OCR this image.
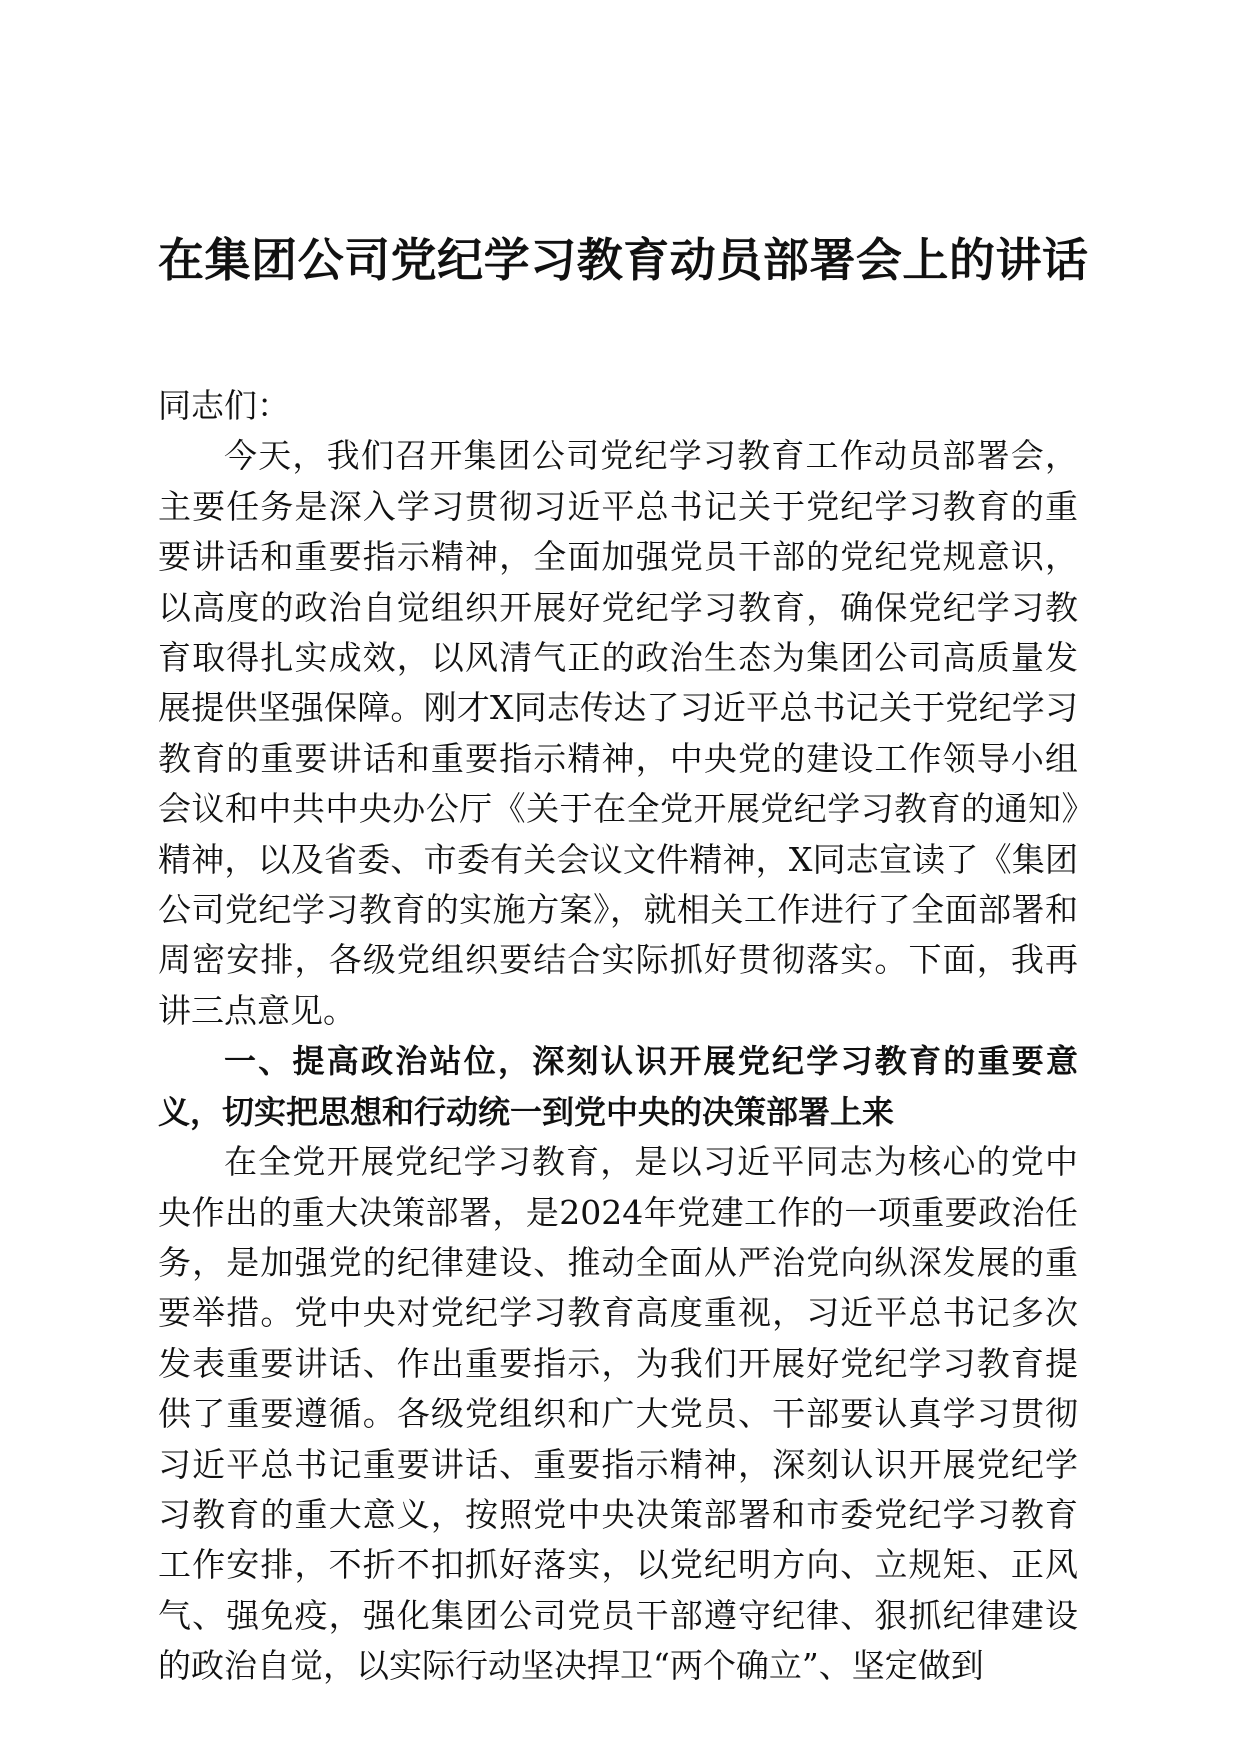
在集团公司党纪学习教育动员部署会上的讲话

同志们：

今天，我们召开集团公司党纪学习教育工作动员部署会，主要任务是深入学习贯彻习近平总书记关于党纪学习教育的重要讲话和重要指示精神，全面加强党员干部的党纪党规意识，以高度的政治自觉组织开展好党纪学习教育，确保党纪学习教育取得扎实成效，以风清气正的政治生态为集团公司高质量发展提供坚强保障。刚才X同志传达了习近平总书记关于党纪学习教育的重要讲话和重要指示精神，中央党的建设工作领导小组会议和中共中央办公厅《关于在全党开展党纪学习教育的通知》精神，以及省委、市委有关会议文件精神，X同志宣读了《集团公司党纪学习教育的实施方案》，就相关工作进行了全面部署和周密安排，各级党组织要结合实际抓好贯彻落实。下面，我再讲三点意见。

一、提高政治站位，深刻认识开展党纪学习教育的重要意义，切实把思想和行动统一到党中央的决策部署上来

在全党开展党纪学习教育，是以习近平同志为核心的党中央作出的重大决策部署，是2024年党建工作的一项重要政治任务，是加强党的纪律建设、推动全面从严治党向纵深发展的重要举措。党中央对党纪学习教育高度重视，习近平总书记多次发表重要讲话、作出重要指示，为我们开展好党纪学习教育提供了重要遵循。各级党组织和广大党员、干部要认真学习贯彻习近平总书记重要讲话、重要指示精神，深刻认识开展党纪学习教育的重大意义，按照党中央决策部署和市委党纪学习教育工作安排，不折不扣抓好落实，以党纪明方向、立规矩、正风气、强免疫，强化集团公司党员干部遵守纪律、狠抓纪律建设的政治自觉，以实际行动坚决捍卫“两个确立”、坚定做到
